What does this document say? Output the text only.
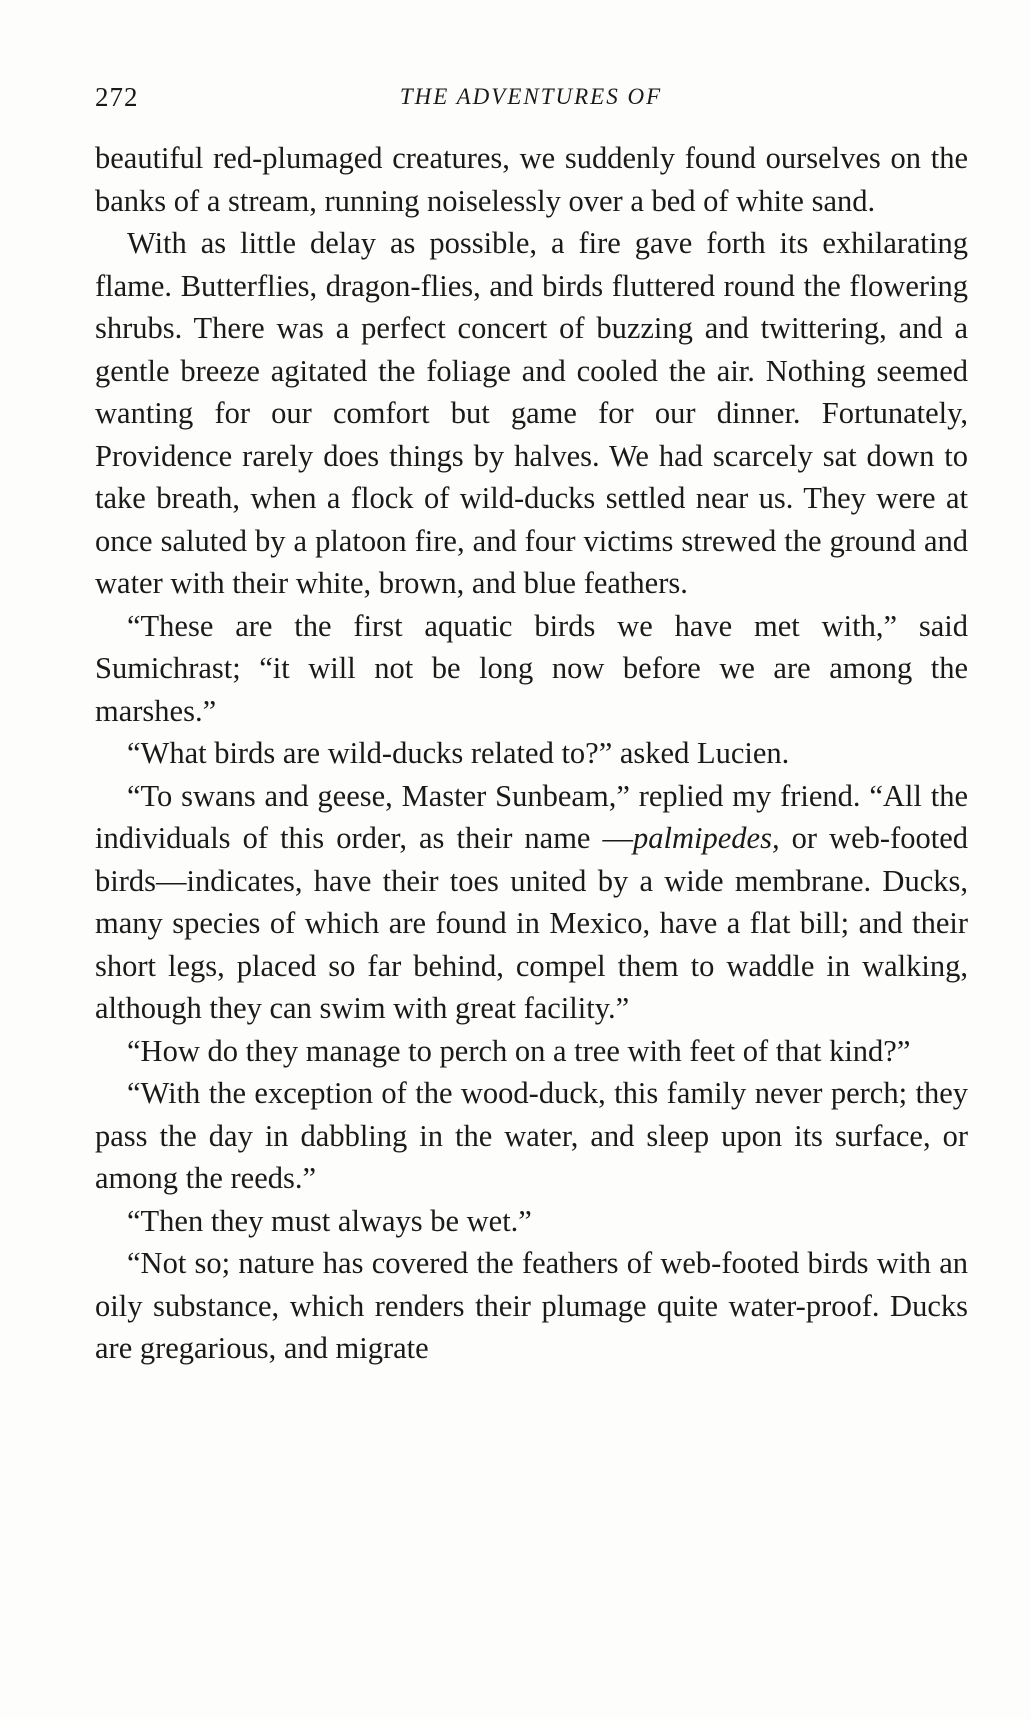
272	THE ADVENTURES OF

beautiful red-plumaged creatures, we suddenly found ourselves on the banks of a stream, running noiselessly over a bed of white sand.

With as little delay as possible, a fire gave forth its exhilarating flame. Butterflies, dragon-flies, and birds fluttered round the flowering shrubs. There was a perfect concert of buzzing and twittering, and a gentle breeze agitated the foliage and cooled the air. Nothing seemed wanting for our comfort but game for our dinner. Fortunately, Providence rarely does things by halves. We had scarcely sat down to take breath, when a flock of wild-ducks settled near us. They were at once saluted by a platoon fire, and four victims strewed the ground and water with their white, brown, and blue feathers.

“These are the first aquatic birds we have met with,” said Sumichrast; “it will not be long now before we are among the marshes.”

“What birds are wild-ducks related to?” asked Lucien.

“To swans and geese, Master Sunbeam,” replied my friend. “All the individuals of this order, as their name —palmipedes, or web-footed birds—indicates, have their toes united by a wide membrane. Ducks, many species of which are found in Mexico, have a flat bill; and their short legs, placed so far behind, compel them to waddle in walking, although they can swim with great facility.”

“How do they manage to perch on a tree with feet of that kind?”

“With the exception of the wood-duck, this family never perch; they pass the day in dabbling in the water, and sleep upon its surface, or among the reeds.”

“Then they must always be wet.”

“Not so; nature has covered the feathers of web-footed birds with an oily substance, which renders their plumage quite water-proof. Ducks are gregarious, and migrate
